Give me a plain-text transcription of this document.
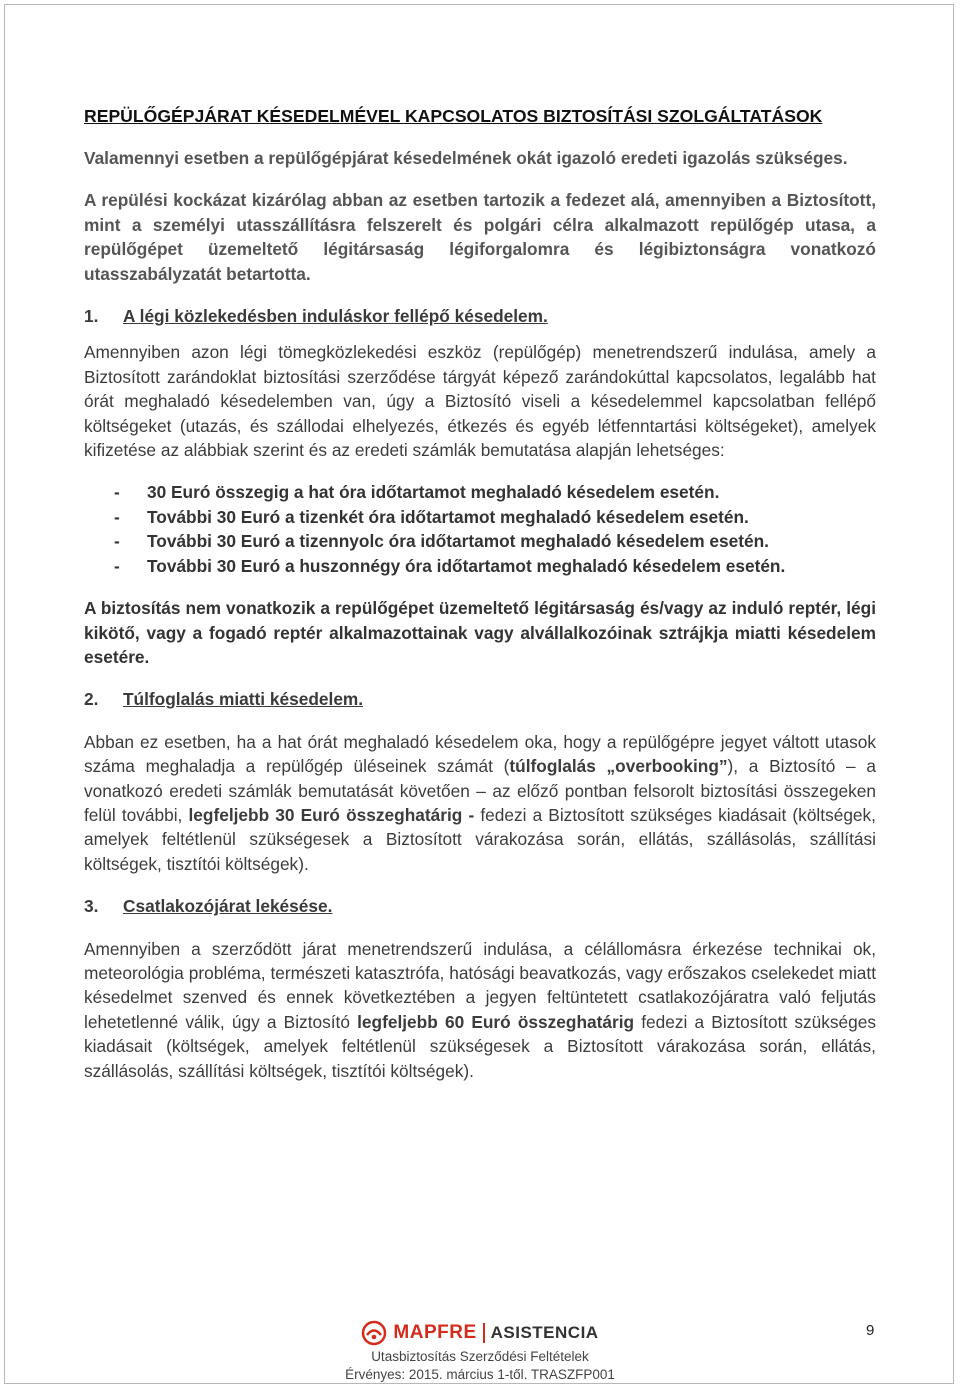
REPÜLŐGÉPJÁRAT KÉSEDELMÉVEL KAPCSOLATOS BIZTOSÍTÁSI SZOLGÁLTATÁSOK

Valamennyi esetben a repülőgépjárat késedelmének okát igazoló eredeti igazolás szükséges.

A repülési kockázat kizárólag abban az esetben tartozik a fedezet alá, amennyiben a Biztosított, mint a személyi utasszállításra felszerelt és polgári célra alkalmazott repülőgép utasa, a repülőgépet üzemeltető légitársaság légiforgalomra és légibiztonságra vonatkozó utasszabályzatát betartotta.

1.	A légi közlekedésben induláskor fellépő késedelem.

Amennyiben azon légi tömegközlekedési eszköz (repülőgép) menetrendszerű indulása, amely a Biztosított zarándoklat biztosítási szerződése tárgyát képező zarándokúttal kapcsolatos, legalább hat órát meghaladó késedelemben van, úgy a Biztosító viseli a késedelemmel kapcsolatban fellépő költségeket (utazás, és szállodai elhelyezés, étkezés és egyéb létfenntartási költségeket), amelyek kifizetése az alábbiak szerint és az eredeti számlák bemutatása alapján lehetséges:

-	30 Euró összegig a hat óra időtartamot meghaladó késedelem esetén.
-	További 30 Euró a tizenkét óra időtartamot meghaladó késedelem esetén.
-	További 30 Euró a tizennyolc óra időtartamot meghaladó késedelem esetén.
-	További 30 Euró a huszonnégy óra időtartamot meghaladó késedelem esetén.

A biztosítás nem vonatkozik a repülőgépet üzemeltető légitársaság és/vagy az induló reptér, légi kikötő, vagy a fogadó reptér alkalmazottainak vagy alvállalkozóinak sztrájkja miatti késedelem esetére.

2.	Túlfoglalás miatti késedelem.

Abban ez esetben, ha a hat órát meghaladó késedelem oka, hogy a repülőgépre jegyet váltott utasok száma meghaladja a repülőgép üléseinek számát (túlfoglalás „overbooking”), a Biztosító – a vonatkozó eredeti számlák bemutatását követően – az előző pontban felsorolt biztosítási összegeken felül további, legfeljebb 30 Euró összeghatárig - fedezi a Biztosított szükséges kiadásait (költségek, amelyek feltétlenül szükségesek a Biztosított várakozása során, ellátás, szállásolás, szállítási költségek, tisztítói költségek).

3.	Csatlakozójárat lekésése.

Amennyiben a szerződött járat menetrendszerű indulása, a célállomásra érkezése technikai ok, meteorológia probléma, természeti katasztrófa, hatósági beavatkozás, vagy erőszakos cselekedet miatt késedelmet szenved és ennek következtében a jegyen feltüntetett csatlakozójáratra való feljutás lehetetlenné válik, úgy a Biztosító legfeljebb 60 Euró összeghatárig fedezi a Biztosított szükséges kiadásait (költségek, amelyek feltétlenül szükségesek a Biztosított várakozása során, ellátás, szállásolás, szállítási költségek, tisztítói költségek).

MAPFRE ASISTENCIA
Utasbiztosítás Szerződési Feltételek
Érvényes: 2015. március 1-től. TRASZFP001
9
